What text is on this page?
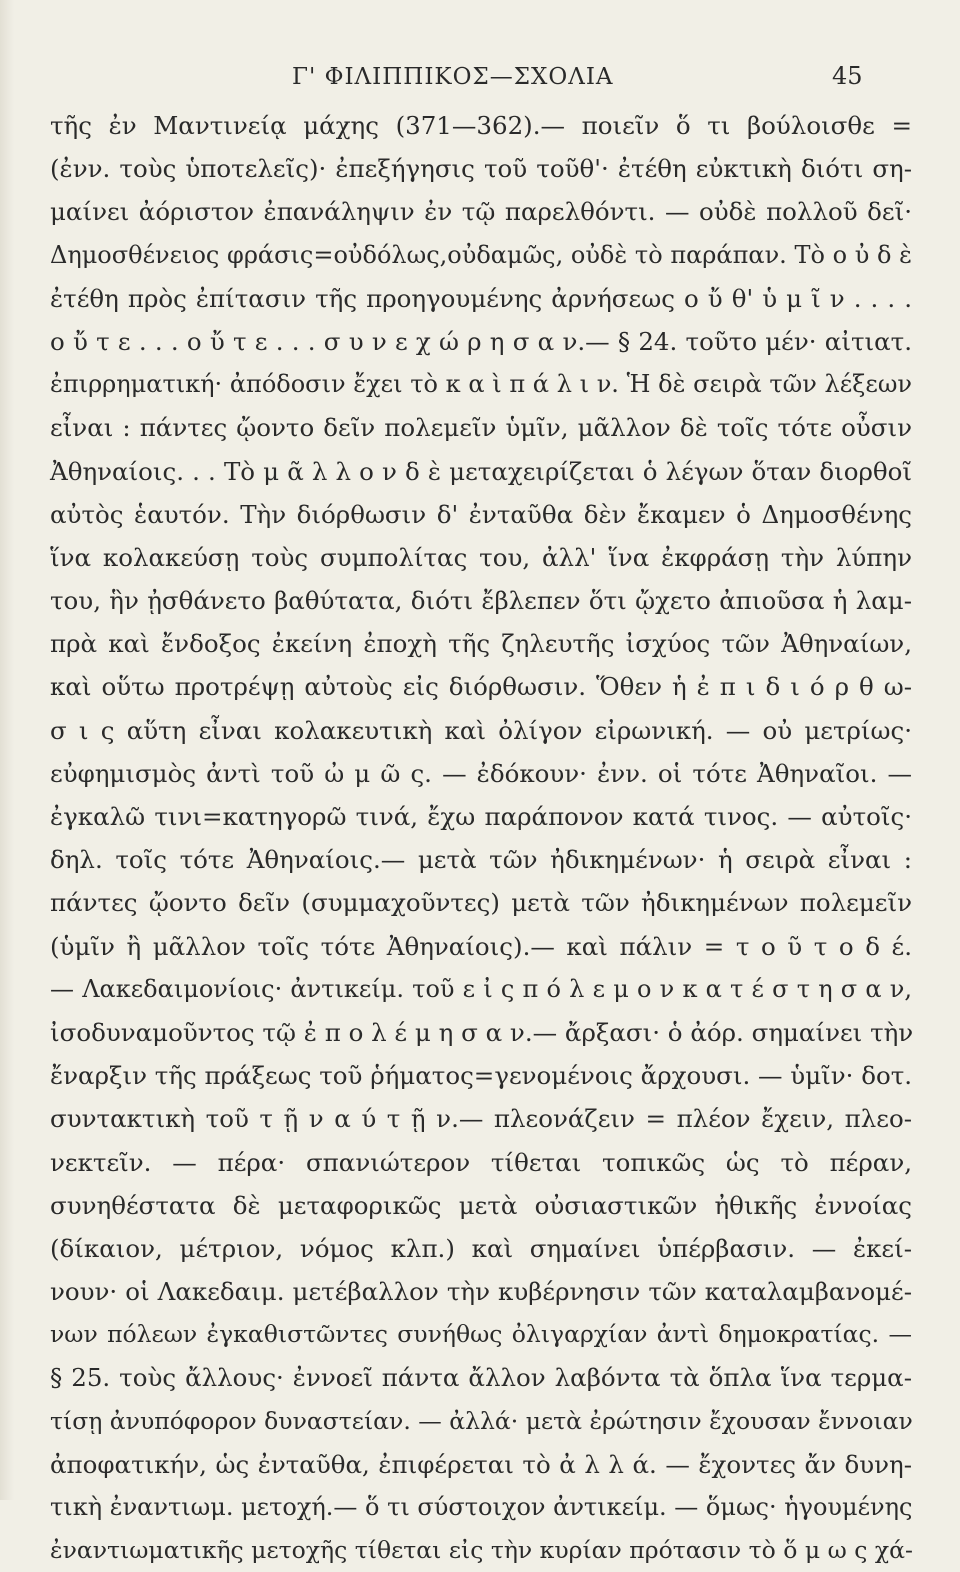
Γ' ΦΙΛΙΠΠΙΚΟΣ—ΣΧΟΛΙΑ	45
τῆς ἐν Μαντινείᾳ μάχης (371—362).— ποιεῖν ὅ τι βούλοισθε =
(ἐνν. τοὺς ὑποτελεῖς)· ἐπεξήγησις τοῦ τοῦθ'· ἐτέθη εὐκτικὴ διότι ση-
μαίνει ἀόριστον ἐπανάληψιν ἐν τῷ παρελθόντι. — οὐδὲ πολλοῦ δεῖ·
Δημοσθένειος φράσις=οὐδόλως,οὐδαμῶς, οὐδὲ τὸ παράπαν. Τὸ ο ὐ δ ὲ
ἐτέθη πρὸς ἐπίτασιν τῆς προηγουμένης ἀρνήσεως ο ὔ θ' ὑ μ ῖ ν . . . .
ο ὔ τ ε . . . ο ὔ τ ε . . . σ υ ν ε χ ώ ρ η σ α ν.— § 24. τοῦτο μέν· αἰτιατ.
ἐπιρρηματική· ἀπόδοσιν ἔχει τὸ κ α ὶ π ά λ ι ν. Ἡ δὲ σειρὰ τῶν λέξεων
εἶναι : πάντες ᾤοντο δεῖν πολεμεῖν ὑμῖν, μᾶλλον δὲ τοῖς τότε οὖσιν
Ἀθηναίοις. . . Τὸ μ ᾶ λ λ ο ν δ ὲ μεταχειρίζεται ὁ λέγων ὅταν διορθοῖ
αὐτὸς ἑαυτόν. Τὴν διόρθωσιν δ' ἐνταῦθα δὲν ἔκαμεν ὁ Δημοσθένης
ἵνα κολακεύσῃ τοὺς συμπολίτας του, ἀλλ' ἵνα ἐκφράσῃ τὴν λύπην
του, ἣν ᾐσθάνετο βαθύτατα, διότι ἔβλεπεν ὅτι ᾤχετο ἀπιοῦσα ἡ λαμ-
πρὰ καὶ ἔνδοξος ἐκείνη ἐποχὴ τῆς ζηλευτῆς ἰσχύος τῶν Ἀθηναίων,
καὶ οὕτω προτρέψῃ αὐτοὺς εἰς διόρθωσιν. Ὅθεν ἡ ἐ π ι δ ι ό ρ θ ω-
σ ι ς αὕτη εἶναι κολακευτικὴ καὶ ὀλίγον εἰρωνική. — οὐ μετρίως·
εὐφημισμὸς ἀντὶ τοῦ ὠ μ ῶ ς. — ἐδόκουν· ἐνν. οἱ τότε Ἀθηναῖοι. —
ἐγκαλῶ τινι=κατηγορῶ τινά, ἔχω παράπονον κατά τινος. — αὐτοῖς·
δηλ. τοῖς τότε Ἀθηναίοις.— μετὰ τῶν ἠδικημένων· ἡ σειρὰ εἶναι :
πάντες ᾤοντο δεῖν (συμμαχοῦντες) μετὰ τῶν ἠδικημένων πολεμεῖν
(ὑμῖν ἢ μᾶλλον τοῖς τότε Ἀθηναίοις).— καὶ πάλιν = τ ο ῦ τ ο δ έ.
— Λακεδαιμονίοις· ἀντικείμ. τοῦ ε ἰ ς π ό λ ε μ ο ν κ α τ έ σ τ η σ α ν,
ἰσοδυναμοῦντος τῷ ἐ π ο λ έ μ η σ α ν.— ἄρξασι· ὁ ἀόρ. σημαίνει τὴν
ἔναρξιν τῆς πράξεως τοῦ ῥήματος=γενομένοις ἄρχουσι. — ὑμῖν· δοτ.
συντακτικὴ τοῦ τ ῇ ν α ύ τ ῇ ν.— πλεονάζειν = πλέον ἔχειν, πλεο-
νεκτεῖν. — πέρα· σπανιώτερον τίθεται τοπικῶς ὡς τὸ πέραν,
συνηθέστατα δὲ μεταφορικῶς μετὰ οὐσιαστικῶν ἠθικῆς ἐννοίας
(δίκαιον, μέτριον, νόμος κλπ.) καὶ σημαίνει ὑπέρβασιν. — ἐκεί-
νουν· οἱ Λακεδαιμ. μετέβαλλον τὴν κυβέρνησιν τῶν καταλαμβανομέ-
νων πόλεων ἐγκαθιστῶντες συνήθως ὀλιγαρχίαν ἀντὶ δημοκρατίας. —
§ 25. τοὺς ἄλλους· ἐννοεῖ πάντα ἄλλον λαβόντα τὰ ὅπλα ἵνα τερμα-
τίσῃ ἀνυπόφορον δυναστείαν. — ἀλλά· μετὰ ἐρώτησιν ἔχουσαν ἔννοιαν
ἀποφατικήν, ὡς ἐνταῦθα, ἐπιφέρεται τὸ ἀ λ λ ά. — ἔχοντες ἄν δυνη-
τικὴ ἐναντιωμ. μετοχή.— ὅ τι σύστοιχον ἀντικείμ. — ὅμως· ἡγουμένης
ἐναντιωματικῆς μετοχῆς τίθεται εἰς τὴν κυρίαν πρότασιν τὸ ὅ μ ω ς χά-
